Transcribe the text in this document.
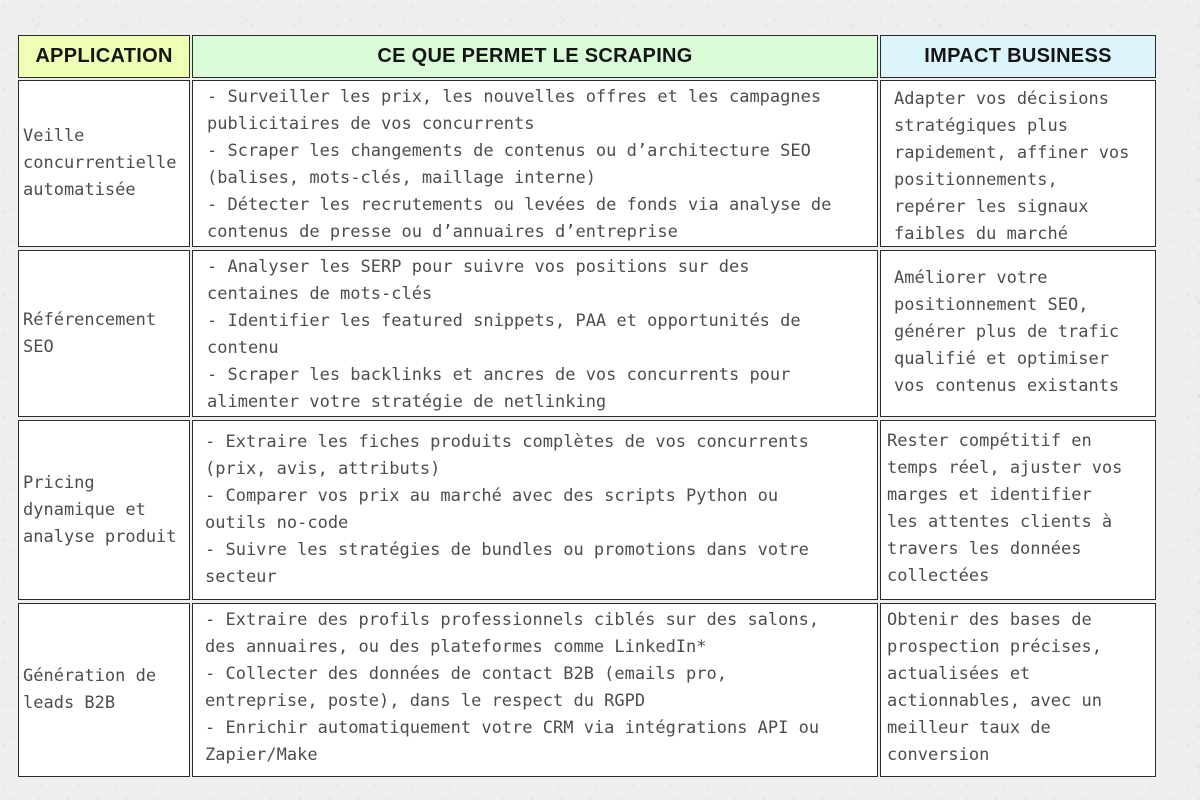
APPLICATION	CE QUE PERMET LE SCRAPING	IMPACT BUSINESS
Veille
concurrentielle
automatisée
- Surveiller les prix, les nouvelles offres et les campagnes
publicitaires de vos concurrents
- Scraper les changements de contenus ou d’architecture SEO
(balises, mots-clés, maillage interne)
- Détecter les recrutements ou levées de fonds via analyse de
contenus de presse ou d’annuaires d’entreprise
Adapter vos décisions
stratégiques plus
rapidement, affiner vos
positionnements,
repérer les signaux
faibles du marché
Référencement
SEO
- Analyser les SERP pour suivre vos positions sur des
centaines de mots-clés
- Identifier les featured snippets, PAA et opportunités de
contenu
- Scraper les backlinks et ancres de vos concurrents pour
alimenter votre stratégie de netlinking
Améliorer votre
positionnement SEO,
générer plus de trafic
qualifié et optimiser
vos contenus existants
Pricing
dynamique et
analyse produit
- Extraire les fiches produits complètes de vos concurrents
(prix, avis, attributs)
- Comparer vos prix au marché avec des scripts Python ou
outils no-code
- Suivre les stratégies de bundles ou promotions dans votre
secteur
Rester compétitif en
temps réel, ajuster vos
marges et identifier
les attentes clients à
travers les données
collectées
Génération de
leads B2B
- Extraire des profils professionnels ciblés sur des salons,
des annuaires, ou des plateformes comme LinkedIn*
- Collecter des données de contact B2B (emails pro,
entreprise, poste), dans le respect du RGPD
- Enrichir automatiquement votre CRM via intégrations API ou
Zapier/Make
Obtenir des bases de
prospection précises,
actualisées et
actionnables, avec un
meilleur taux de
conversion
